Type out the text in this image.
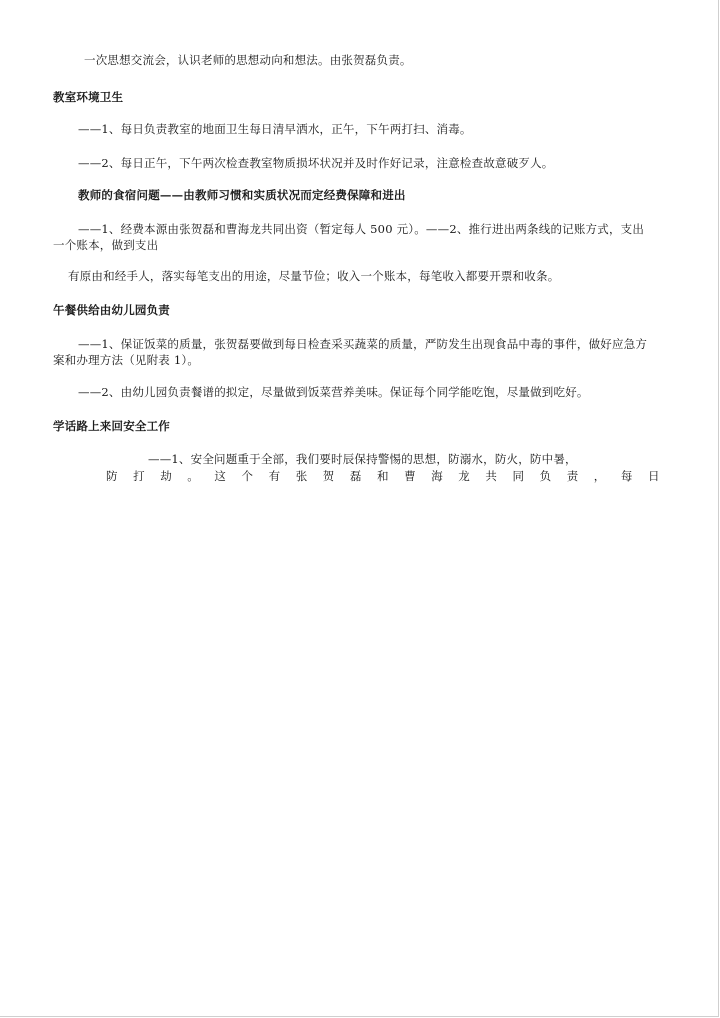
一次思想交流会，认识老师的思想动向和想法。由张贺磊负责。
教室环境卫生
——1、每日负责教室的地面卫生每日清早洒水，正午，下午两打扫、消毒。
——2、每日正午，下午两次检查教室物质损坏状况并及时作好记录，注意检查故意破歹人。
教师的食宿问题——由教师习惯和实质状况而定经费保障和进出
——1、经费本源由张贺磊和曹海龙共同出资（暂定每人 500 元）。——2、推行进出两条线的记账方式，支出
一个账本，做到支出
有原由和经手人，落实每笔支出的用途，尽量节俭；收入一个账本，每笔收入都要开票和收条。
午餐供给由幼儿园负责
——1、保证饭菜的质量，张贺磊要做到每日检查采买蔬菜的质量，严防发生出现食品中毒的事件，做好应急方
案和办理方法（见附表 1）。
——2、由幼儿园负责餐谱的拟定，尽量做到饭菜营养美味。保证每个同学能吃饱，尽量做到吃好。
学话路上来回安全工作
——1、安全问题重于全部，我们要时辰保持警惕的思想，防溺水，防火，防中暑，
防打劫。这个有张贺磊和曹海龙共同负责，每日
